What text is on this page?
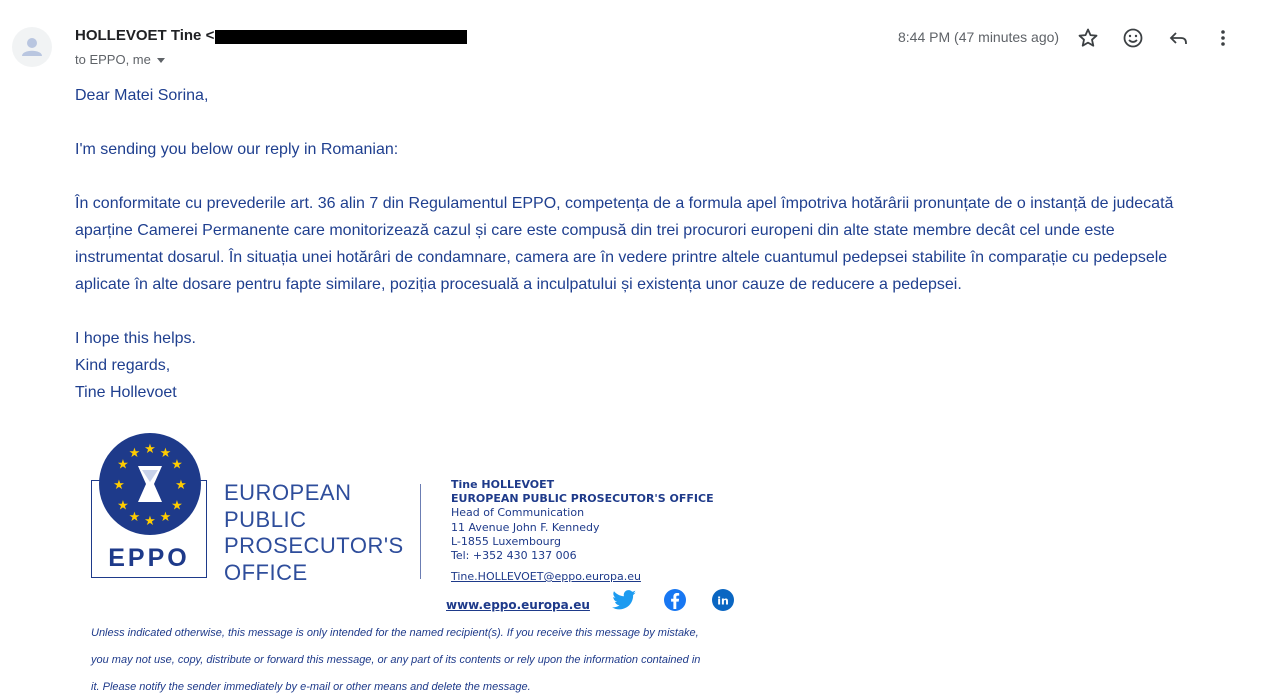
HOLLEVOET Tine <
to EPPO, me
8:44 PM (47 minutes ago)

Dear Matei Sorina,

I'm sending you below our reply in Romanian:

În conformitate cu prevederile art. 36 alin 7 din Regulamentul EPPO, competența de a formula apel împotriva hotărârii pronunțate de o instanță de judecată

aparține Camerei Permanente care monitorizează cazul și care este compusă din trei procurori europeni din alte state membre decât cel unde este

instrumentat dosarul. În situația unei hotărâri de condamnare, camera are în vedere printre altele cuantumul pedepsei stabilite în comparație cu pedepsele

aplicate în alte dosare pentru fapte similare, poziția procesuală a inculpatului și existența unor cauze de reducere a pedepsei.

I hope this helps.

Kind regards,

Tine Hollevoet

★ ★
★
★
★
★
★
★
★
★
★
★
EPPO
EUROPEAN
PUBLIC
PROSECUTOR'S
OFFICE
Tine HOLLEVOET
EUROPEAN PUBLIC PROSECUTOR'S OFFICE
Head of Communication
11 Avenue John F. Kennedy
L-1855 Luxembourg
Tel: +352 430 137 006
Tine.HOLLEVOET@eppo.europa.eu
www.eppo.europa.eu	in
Unless indicated otherwise, this message is only intended for the named recipient(s). If you receive this message by mistake,
you may not use, copy, distribute or forward this message, or any part of its contents or rely upon the information contained in
it. Please notify the sender immediately by e-mail or other means and delete the message.
